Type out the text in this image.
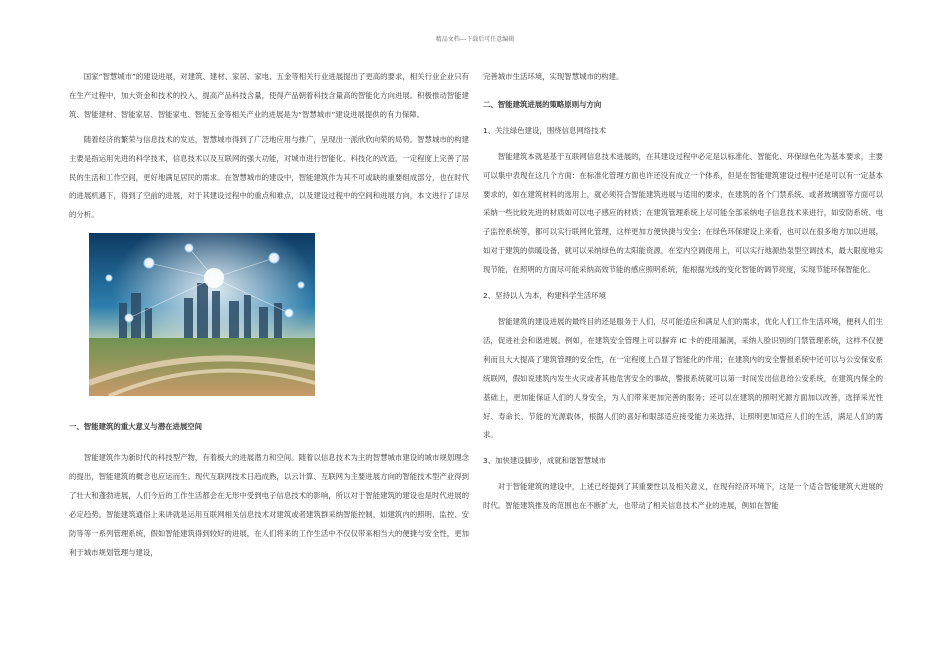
精品文档---下载后可任意编辑

国家“智慧城市”的建设进展，对建筑、建材、家居、家电、五金等相关行业进展提出了更高的要求，相关行业企业只有在生产过程中，加大资金和技术的投入，提高产品科技含量，使得产品朝着科技含量高的智能化方向进展。积极推动智能建筑、智能建材、智能家居、智能家电、智能五金等相关产业的进展是为“智慧城市”建设进展提供的有力保障。

随着经济的繁荣与信息技术的发达，智慧城市得到了广泛地应用与推广，呈现出一派欣欣向荣的局势。智慧城市的构建主要是指运用先进的科学技术，信息技术以及互联网的强大功能，对城市进行智能化、科技化的改造，一定程度上完善了居民的生活和工作空间，更好地满足居民的需求。在智慧城市的建设中，智能建筑作为其不可或缺的重要组成部分，也在时代的进展机遇下，得到了空前的进展，对于其建设过程中的重点和难点，以及建设过程中的空间和进展方向，本文进行了详尽的分析。

一、智能建筑的重大意义与潜在进展空间

智能建筑作为新时代的科技型产物，有着极大的进展潜力和空间。随着以信息技术为主的智慧城市建设的城市规划理念的提出，智能建筑的概念也应运而生。现代互联网技术日趋成熟，以云计算、互联网为主要进展方向的智能技术型产业得到了壮大和蓬勃进展，人们今后的工作生活都会在无形中受到电子信息技术的影响，所以对于智能建筑的建设也是时代进展的必定趋势。智能建筑通俗上来讲就是运用互联网相关信息技术对建筑或者建筑群采纳智能控制，如建筑内的照明、监控、安防等等一系列管理系统，假如智能建筑得到较好的进展，在人们将来的工作生活中不仅仅带来相当大的便捷与安全性，更加利于城市规划管理与建设，

完善城市生活环境，实现智慧城市的构建。

二、智能建筑进展的策略原则与方向

1、关注绿色建设，围绕信息网络技术

智能建筑本就是基于互联网信息技术进展的，在其建设过程中必定是以标准化、智能化、环保绿色化为基本要求，主要可以集中表现在这几个方面：在标准化管理方面也许还没有成立一个体系，但是在智能建筑建设过程中还是可以有一定基本要求的，如在建筑材料的选用上，就必须符合智能建筑进展与适用的要求，在建筑的各个门禁系统、或者玻璃窗等方面可以采纳一些比较先进的材质如可以电子感应的材质；在建筑管理系统上尽可能全部采纳电子信息技术来进行，如安防系统、电子监控系统等，都可以实行联网化管理，这样更加方便快捷与安全；在绿色环保建设上来看，也可以在很多地方加以进展，如对于建筑的供暖设备，就可以采纳绿色的太阳能资源，在室内空调使用上，可以实行地源热泵型空调技术，最大限度地实现节能，在照明的方面尽可能采纳高效节能的感应照明系统，能根据光线的变化智能的调节亮度，实现节能环保智能化。

2、坚持以人为本，构建科学生活环境

智能建筑的建设进展的最终目的还是服务于人们，尽可能适应和满足人们的需求，优化人们工作生活环境，便利人们生活，促进社会和谐进展。例如，在建筑安全管理上可以摒弃 IC 卡的使用漏洞，采纳人脸识别的门禁管理系统，这样不仅便利而且大大提高了建筑管理的安全性，在一定程度上凸显了智能化的作用；在建筑内的安全警报系统中还可以与公安保安系统联网，假如说建筑内发生火灾或者其他危害安全的事故，警报系统就可以第一时间发出信息给公安系统，在建筑内保全的基础上，更加能保证人们的人身安全，为人们带来更加完善的服务；还可以在建筑的照明光源方面加以改善，选择采光性好、寿命长、节能的光源载体，根据人们的喜好和眼部适应接受能力来选择，让照明更加适应人们的生活，满足人们的需求。

3、加快建设脚步，成就和谐智慧城市

对于智能建筑的建设中，上述已经提到了其重要性以及相关意义，在现有经济环境下，这是一个适合智能建筑大进展的时代。智能建筑推及的范围也在不断扩大，也带动了相关信息技术产业的进展，例如在智能
